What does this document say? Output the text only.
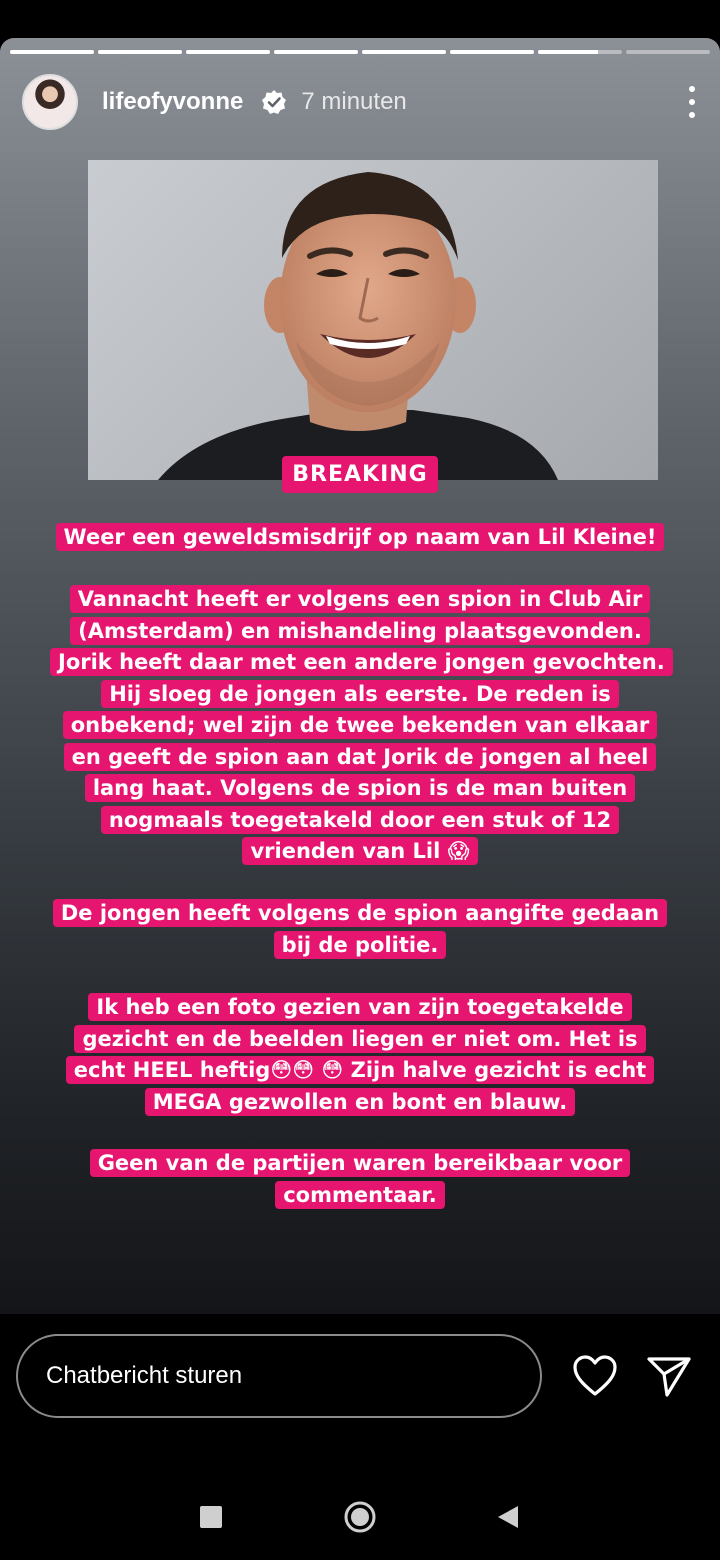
lifeofyvonne 7 minuten
BREAKING
Weer een geweldsmisdrijf op naam van Lil Kleine!
Vannacht heeft er volgens een spion in Club Air (Amsterdam) en mishandeling plaatsgevonden. Jorik heeft daar met een andere jongen gevochten. Hij sloeg de jongen als eerste. De reden is onbekend; wel zijn de twee bekenden van elkaar en geeft de spion aan dat Jorik de jongen al heel lang haat. Volgens de spion is de man buiten nogmaals toegetakeld door een stuk of 12 vrienden van Lil 😱
De jongen heeft volgens de spion aangifte gedaan bij de politie.
Ik heb een foto gezien van zijn toegetakelde gezicht en de beelden liegen er niet om. Het is echt HEEL heftig😳😳 😳 Zijn halve gezicht is echt MEGA gezwollen en bont en blauw.
Geen van de partijen waren bereikbaar voor commentaar.
Chatbericht sturen
